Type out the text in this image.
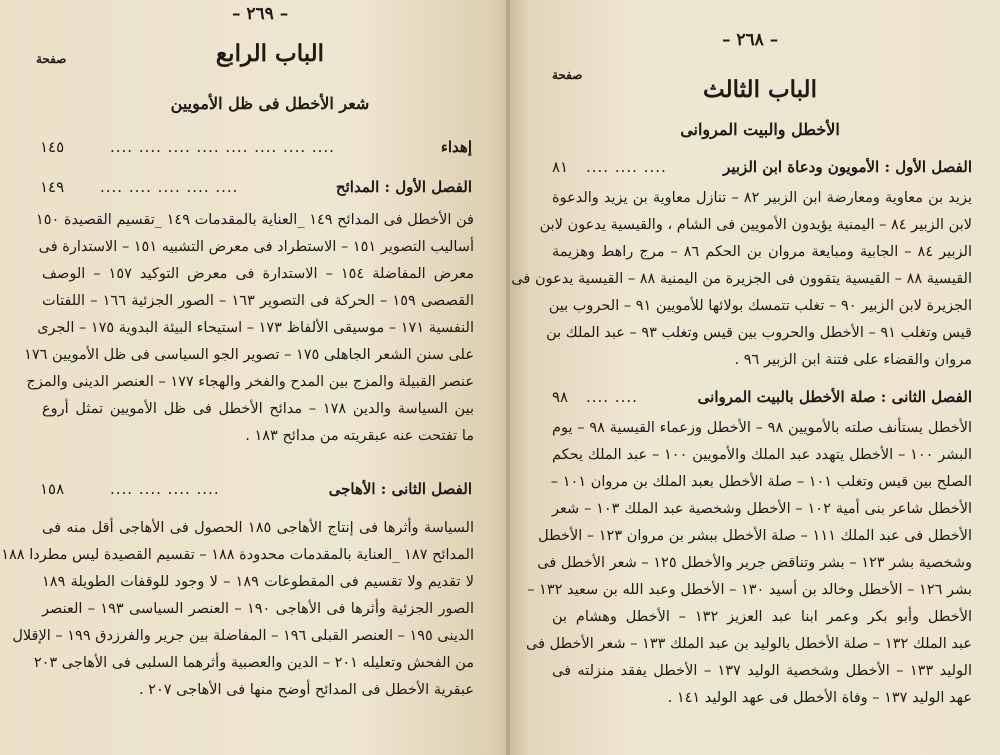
– ٢٦٩ –
صفحة	الباب الرابع
شعر الأخطل فى ظل الأمويين
إهداء
.... .... .... .... .... .... .... ....
١٤٥
الفصل الأول : المدائح
.... .... .... .... ....
١٤٩
فن الأخطل فى المدائح ١٤٩ _العناية بالمقدمات ١٤٩ _تقسيم القصيدة ١٥٠
أساليب التصوير ١٥١ – الاستطراد فى معرض التشبيه ١٥١ – الاستدارة فى
معرض المفاضلة ١٥٤ – الاستدارة فى معرض التوكيد ١٥٧ – الوصف
القصصى ١٥٩ – الحركة فى التصوير ١٦٣ – الصور الجزئية ١٦٦ – اللفتات
النفسية ١٧١ – موسيقى الألفاظ ١٧٣ – استيحاء البيئة البدوية ١٧٥ – الجرى
على سنن الشعر الجاهلى ١٧٥ – تصوير الجو السياسى فى ظل الأمويين ١٧٦
عنصر القبيلة والمزج بين المدح والفخر والهجاء ١٧٧ – العنصر الدينى والمزج
بين السياسة والدين ١٧٨ – مدائح الأخطل فى ظل الأمويين تمثل أروع
ما تفتحت عنه عبقريته من مدائح ١٨٣ .
الفصل الثانى : الأهاجى
.... .... .... ....
١٥٨
السياسة وأثرها فى إنتاج الأهاجى ١٨٥ الحصول فى الأهاجى أقل منه فى
المدائح ١٨٧ _العناية بالمقدمات محدودة ١٨٨ – تقسيم القصيدة ليس مطردا ١٨٨
لا تقديم ولا تقسيم فى المقطوعات ١٨٩ – لا وجود للوقفات الطويلة ١٨٩
الصور الجزئية وأثرها فى الأهاجى ١٩٠ – العنصر السياسى ١٩٣ – العنصر
الدينى ١٩٥ – العنصر القبلى ١٩٦ – المفاضلة بين جرير والفرزدق ١٩٩ – الإقلال
من الفحش وتعليله ٢٠١ – الدين والعصبية وأثرهما السلبى فى الأهاجى ٢٠٣
عبقرية الأخطل فى المدائح أوضح منها فى الأهاجى ٢٠٧ .
– ٢٦٨ –
صفحة
الباب الثالث
الأخطل والبيت المروانى
الفصل الأول : الأمويون ودعاة ابن الزبير
.... .... ....
٨١
يزيد بن معاوية ومعارضة ابن الزبير ٨٢ – تنازل معاوية بن يزيد والدعوة
لابن الزبير ٨٤ – اليمنية يؤيدون الأمويين فى الشام ، والقيسية يدعون لابن
الزبير ٨٤ – الجابية ومبايعة مروان بن الحكم ٨٦ – مرج راهط وهزيمة
القيسية ٨٨ – القيسية يتقوون فى الجزيرة من اليمنية ٨٨ – القيسية يدعون فى
الجزيرة لابن الزبير ٩٠ – تغلب تتمسك بولائها للأمويين ٩١ – الحروب بين
قيس وتغلب ٩١ – الأخطل والحروب بين قيس وتغلب ٩٣ – عبد الملك بن
مروان والقضاء على فتنة ابن الزبير ٩٦ .
الفصل الثانى : صلة الأخطل بالبيت المروانى
.... ....
٩٨
الأخطل يستأنف صلته بالأمويين ٩٨ – الأخطل وزعماء القيسية ٩٨ – يوم
البشر ١٠٠ – الأخطل يتهدد عبد الملك والأمويين ١٠٠ – عبد الملك يحكم
الصلح بين قيس وتغلب ١٠١ – صلة الأخطل بعبد الملك بن مروان ١٠١ –
الأخطل شاعر بنى أمية ١٠٢ – الأخطل وشخصية عبد الملك ١٠٣ – شعر
الأخطل فى عبد الملك ١١١ – صلة الأخطل ببشر بن مروان ١٢٣ – الأخطل
وشخصية بشر ١٢٣ – بشر وتناقض جرير والأخطل ١٢٥ – شعر الأخطل فى
بشر ١٢٦ – الأخطل وخالد بن أسيد ١٣٠ – الأخطل وعبد الله بن سعيد ١٣٢ –
الأخطل وأبو بكر وعمر ابنا عبد العزيز ١٣٢ – الأخطل وهشام بن
عبد الملك ١٣٢ – صلة الأخطل بالوليد بن عبد الملك ١٣٣ – شعر الأخطل فى
الوليد ١٣٣ – الأخطل وشخصية الوليد ١٣٧ – الأخطل يفقد منزلته فى
عهد الوليد ١٣٧ – وفاة الأخطل فى عهد الوليد ١٤١ .
